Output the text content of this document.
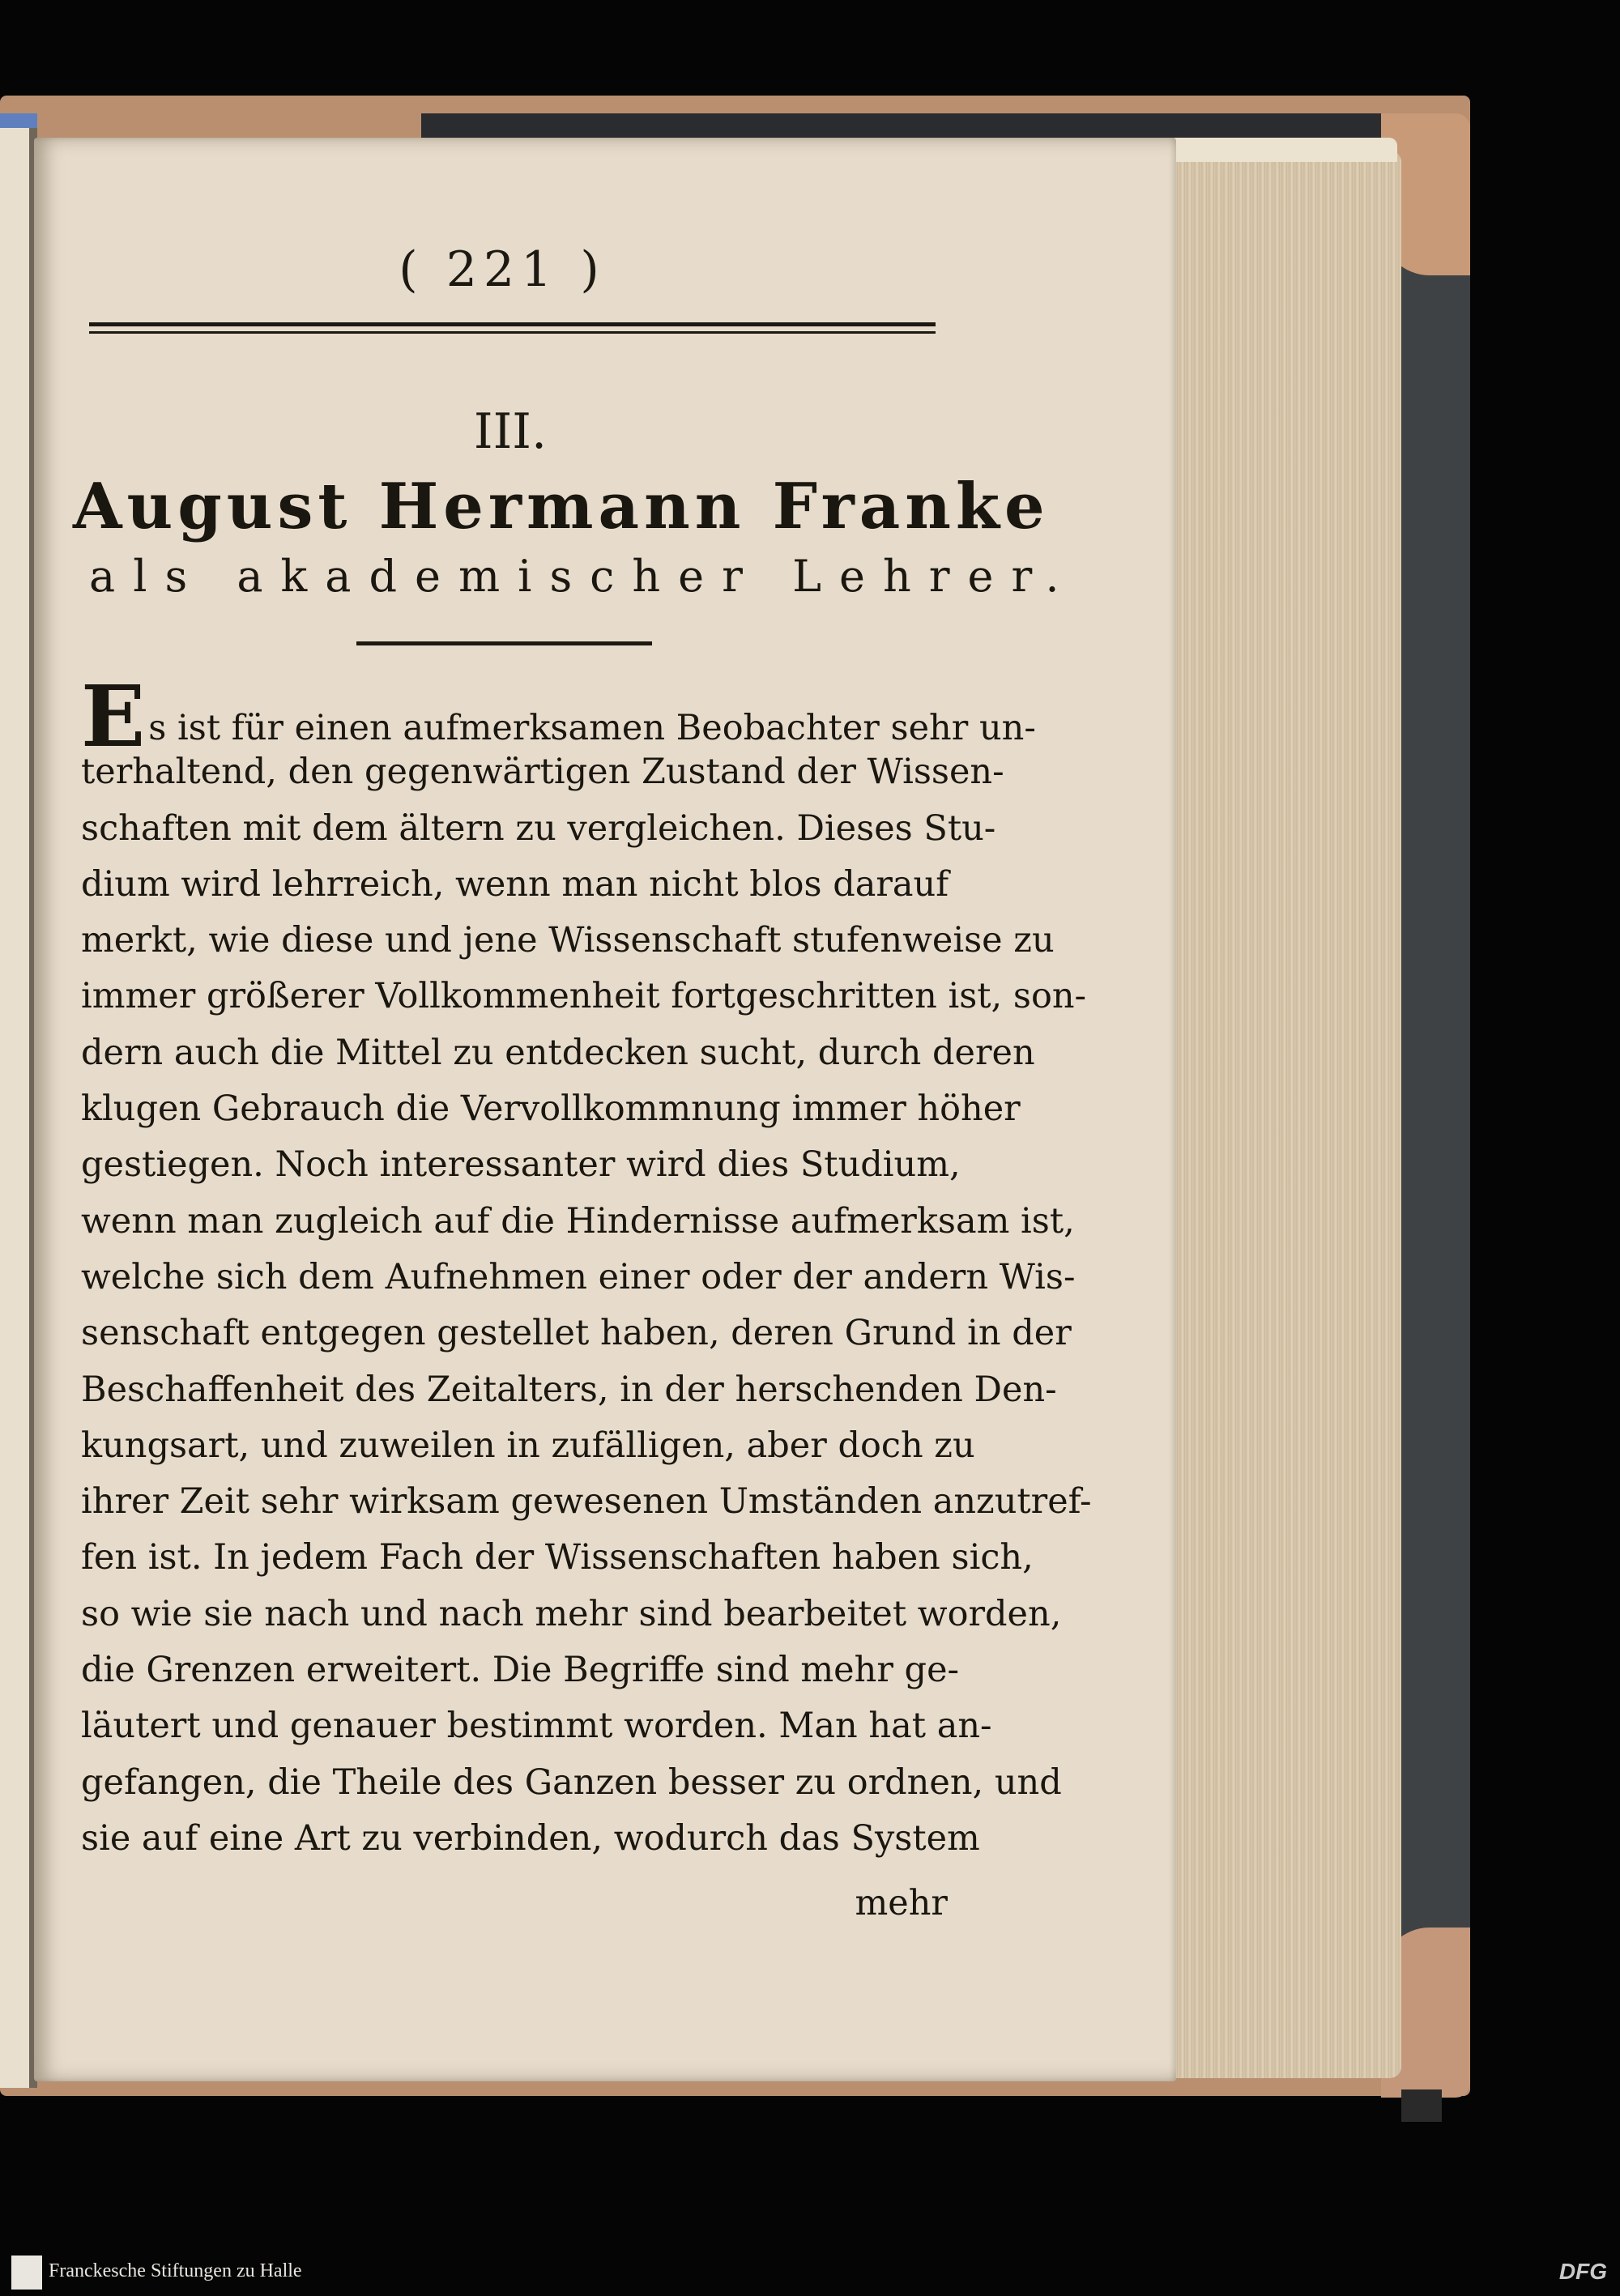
( 221 )
III.
August Hermann Franke
als akademischer Lehrer.
Es ist für einen aufmerksamen Beobachter sehr un-
terhaltend, den gegenwärtigen Zustand der Wissen-
schaften mit dem ältern zu vergleichen. Dieses Stu-
dium wird lehrreich, wenn man nicht blos darauf
merkt, wie diese und jene Wissenschaft stufenweise zu
immer größerer Vollkommenheit fortgeschritten ist, son-
dern auch die Mittel zu entdecken sucht, durch deren
klugen Gebrauch die Vervollkommnung immer höher
gestiegen. Noch interessanter wird dies Studium,
wenn man zugleich auf die Hindernisse aufmerksam ist,
welche sich dem Aufnehmen einer oder der andern Wis-
senschaft entgegen gestellet haben, deren Grund in der
Beschaffenheit des Zeitalters, in der herschenden Den-
kungsart, und zuweilen in zufälligen, aber doch zu
ihrer Zeit sehr wirksam gewesenen Umständen anzutref-
fen ist. In jedem Fach der Wissenschaften haben sich,
so wie sie nach und nach mehr sind bearbeitet worden,
die Grenzen erweitert. Die Begriffe sind mehr ge-
läutert und genauer bestimmt worden. Man hat an-
gefangen, die Theile des Ganzen besser zu ordnen, und
sie auf eine Art zu verbinden, wodurch das System
mehr
Franckesche Stiftungen zu Halle	DFG
